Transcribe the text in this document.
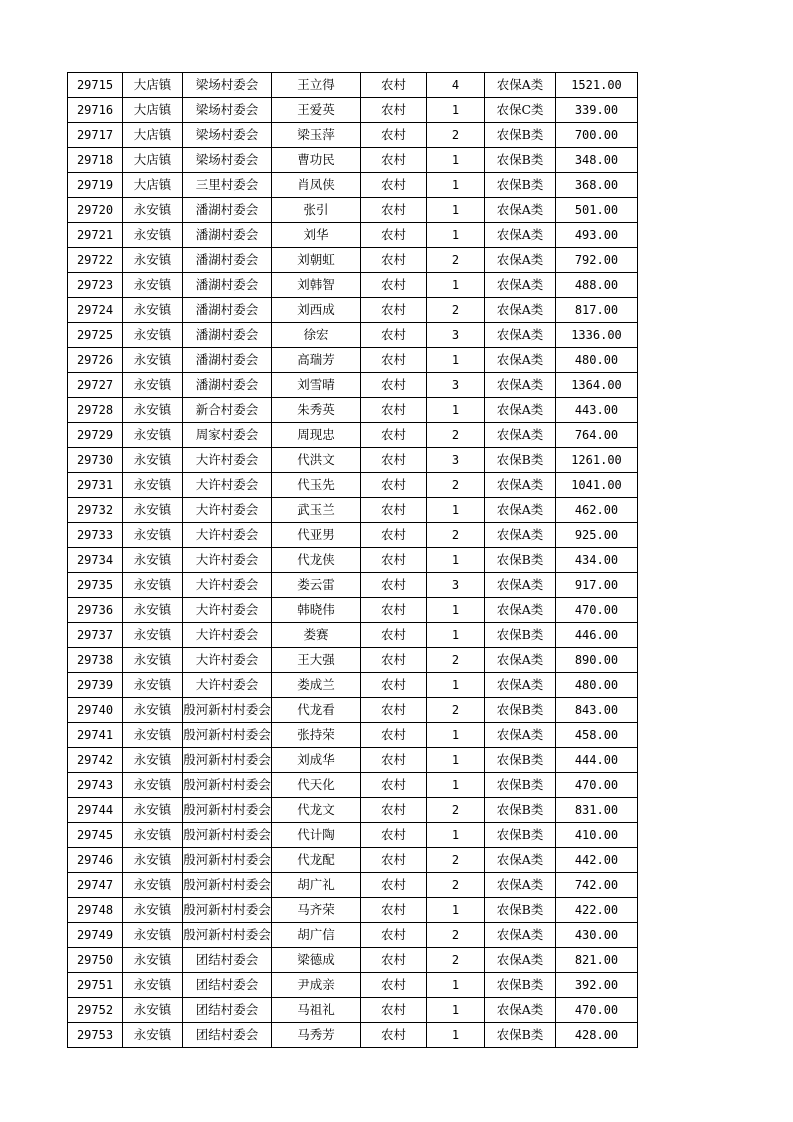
29715	大店镇	梁场村委会	王立得	农村	4	农保A类	1521.00
29716	大店镇	梁场村委会	王爱英	农村	1	农保C类	339.00
29717	大店镇	梁场村委会	梁玉萍	农村	2	农保B类	700.00
29718	大店镇	梁场村委会	曹功民	农村	1	农保B类	348.00
29719	大店镇	三里村委会	肖凤侠	农村	1	农保B类	368.00
29720	永安镇	潘湖村委会	张引	农村	1	农保A类	501.00
29721	永安镇	潘湖村委会	刘华	农村	1	农保A类	493.00
29722	永安镇	潘湖村委会	刘朝虹	农村	2	农保A类	792.00
29723	永安镇	潘湖村委会	刘韩智	农村	1	农保A类	488.00
29724	永安镇	潘湖村委会	刘西成	农村	2	农保A类	817.00
29725	永安镇	潘湖村委会	徐宏	农村	3	农保A类	1336.00
29726	永安镇	潘湖村委会	高瑞芳	农村	1	农保A类	480.00
29727	永安镇	潘湖村委会	刘雪晴	农村	3	农保A类	1364.00
29728	永安镇	新合村委会	朱秀英	农村	1	农保A类	443.00
29729	永安镇	周家村委会	周现忠	农村	2	农保A类	764.00
29730	永安镇	大许村委会	代洪文	农村	3	农保B类	1261.00
29731	永安镇	大许村委会	代玉先	农村	2	农保A类	1041.00
29732	永安镇	大许村委会	武玉兰	农村	1	农保A类	462.00
29733	永安镇	大许村委会	代亚男	农村	2	农保A类	925.00
29734	永安镇	大许村委会	代龙侠	农村	1	农保B类	434.00
29735	永安镇	大许村委会	娄云雷	农村	3	农保A类	917.00
29736	永安镇	大许村委会	韩晓伟	农村	1	农保A类	470.00
29737	永安镇	大许村委会	娄赛	农村	1	农保B类	446.00
29738	永安镇	大许村委会	王大强	农村	2	农保A类	890.00
29739	永安镇	大许村委会	娄成兰	农村	1	农保A类	480.00
29740	永安镇	殷河新村村委会	代龙看	农村	2	农保B类	843.00
29741	永安镇	殷河新村村委会	张持荣	农村	1	农保A类	458.00
29742	永安镇	殷河新村村委会	刘成华	农村	1	农保B类	444.00
29743	永安镇	殷河新村村委会	代天化	农村	1	农保B类	470.00
29744	永安镇	殷河新村村委会	代龙文	农村	2	农保B类	831.00
29745	永安镇	殷河新村村委会	代计陶	农村	1	农保B类	410.00
29746	永安镇	殷河新村村委会	代龙配	农村	2	农保A类	442.00
29747	永安镇	殷河新村村委会	胡广礼	农村	2	农保A类	742.00
29748	永安镇	殷河新村村委会	马齐荣	农村	1	农保B类	422.00
29749	永安镇	殷河新村村委会	胡广信	农村	2	农保A类	430.00
29750	永安镇	团结村委会	梁德成	农村	2	农保A类	821.00
29751	永安镇	团结村委会	尹成亲	农村	1	农保B类	392.00
29752	永安镇	团结村委会	马祖礼	农村	1	农保A类	470.00
29753	永安镇	团结村委会	马秀芳	农村	1	农保B类	428.00
